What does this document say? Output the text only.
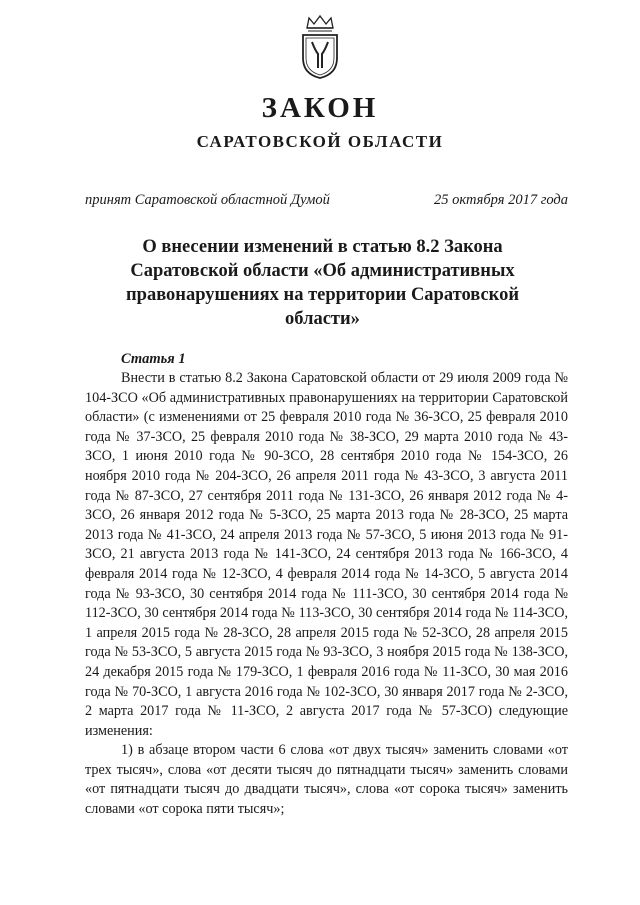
ЗАКОН
САРАТОВСКОЙ ОБЛАСТИ
принят Саратовской областной Думой	25 октября 2017 года
О внесении изменений в статью 8.2 Закона Саратовской области «Об административных правонарушениях на территории Саратовской области»
Статья 1

Внести в статью 8.2 Закона Саратовской области от 29 июля 2009 года № 104-ЗСО «Об административных правонарушениях на территории Саратовской области» (с изменениями от 25 февраля 2010 года № 36-ЗСО, 25 февраля 2010 года № 37-ЗСО, 25 февраля 2010 года № 38-ЗСО, 29 марта 2010 года № 43-ЗСО, 1 июня 2010 года № 90-ЗСО, 28 сентября 2010 года № 154-ЗСО, 26 ноября 2010 года № 204-ЗСО, 26 апреля 2011 года № 43-ЗСО, 3 августа 2011 года № 87-ЗСО, 27 сентября 2011 года № 131-ЗСО, 26 января 2012 года № 4-ЗСО, 26 января 2012 года № 5-ЗСО, 25 марта 2013 года № 28-ЗСО, 25 марта 2013 года № 41-ЗСО, 24 апреля 2013 года № 57-ЗСО, 5 июня 2013 года № 91-ЗСО, 21 августа 2013 года № 141-ЗСО, 24 сентября 2013 года № 166-ЗСО, 4 февраля 2014 года № 12-ЗСО, 4 февраля 2014 года № 14-ЗСО, 5 августа 2014 года № 93-ЗСО, 30 сентября 2014 года № 111-ЗСО, 30 сентября 2014 года № 112-ЗСО, 30 сентября 2014 года № 113-ЗСО, 30 сентября 2014 года № 114-ЗСО, 1 апреля 2015 года № 28-ЗСО, 28 апреля 2015 года № 52-ЗСО, 28 апреля 2015 года № 53-ЗСО, 5 августа 2015 года № 93-ЗСО, 3 ноября 2015 года № 138-ЗСО, 24 декабря 2015 года № 179-ЗСО, 1 февраля 2016 года № 11-ЗСО, 30 мая 2016 года № 70-ЗСО, 1 августа 2016 года № 102-ЗСО, 30 января 2017 года № 2-ЗСО, 2 марта 2017 года № 11-ЗСО, 2 августа 2017 года № 57-ЗСО) следующие изменения:

1) в абзаце втором части 6 слова «от двух тысяч» заменить словами «от трех тысяч», слова «от десяти тысяч до пятнадцати тысяч» заменить словами «от пятнадцати тысяч до двадцати тысяч», слова «от сорока тысяч» заменить словами «от сорока пяти тысяч»;
